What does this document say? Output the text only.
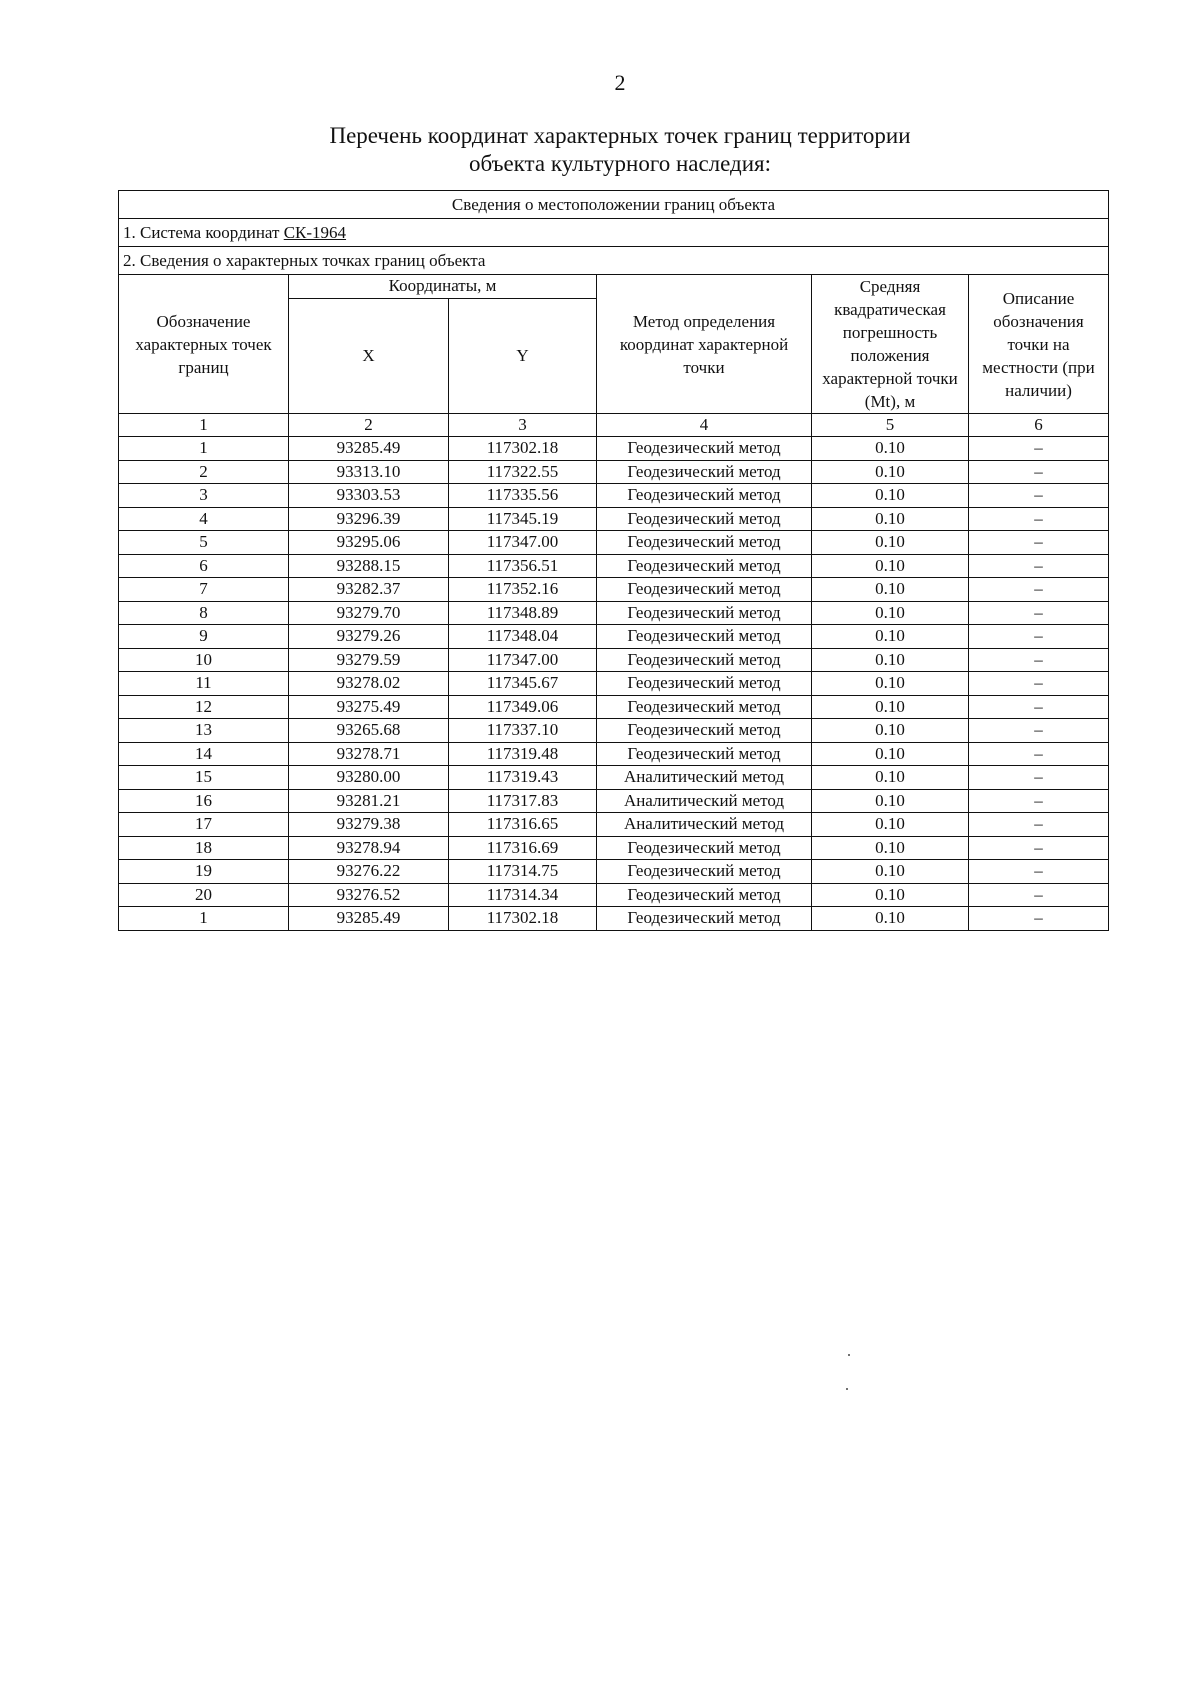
2
Перечень координат характерных точек границ территории
объекта культурного наследия:
Сведения о местоположении границ объекта					
1. Система координат СК-1964					
2. Сведения о характерных точках границ объекта					
Обозначение характерных точек границ	Координаты, м		Метод определения координат характерной точки	Средняя квадратическая погрешность положения характерной точки (Mt), м	Описание обозначения точки на местности (при наличии)
	X	Y			
1	2	3	4	5	6
1	93285.49	117302.18	Геодезический метод	0.10	–
2	93313.10	117322.55	Геодезический метод	0.10	–
3	93303.53	117335.56	Геодезический метод	0.10	–
4	93296.39	117345.19	Геодезический метод	0.10	–
5	93295.06	117347.00	Геодезический метод	0.10	–
6	93288.15	117356.51	Геодезический метод	0.10	–
7	93282.37	117352.16	Геодезический метод	0.10	–
8	93279.70	117348.89	Геодезический метод	0.10	–
9	93279.26	117348.04	Геодезический метод	0.10	–
10	93279.59	117347.00	Геодезический метод	0.10	–
11	93278.02	117345.67	Геодезический метод	0.10	–
12	93275.49	117349.06	Геодезический метод	0.10	–
13	93265.68	117337.10	Геодезический метод	0.10	–
14	93278.71	117319.48	Геодезический метод	0.10	–
15	93280.00	117319.43	Аналитический метод	0.10	–
16	93281.21	117317.83	Аналитический метод	0.10	–
17	93279.38	117316.65	Аналитический метод	0.10	–
18	93278.94	117316.69	Геодезический метод	0.10	–
19	93276.22	117314.75	Геодезический метод	0.10	–
20	93276.52	117314.34	Геодезический метод	0.10	–
1	93285.49	117302.18	Геодезический метод	0.10	–
